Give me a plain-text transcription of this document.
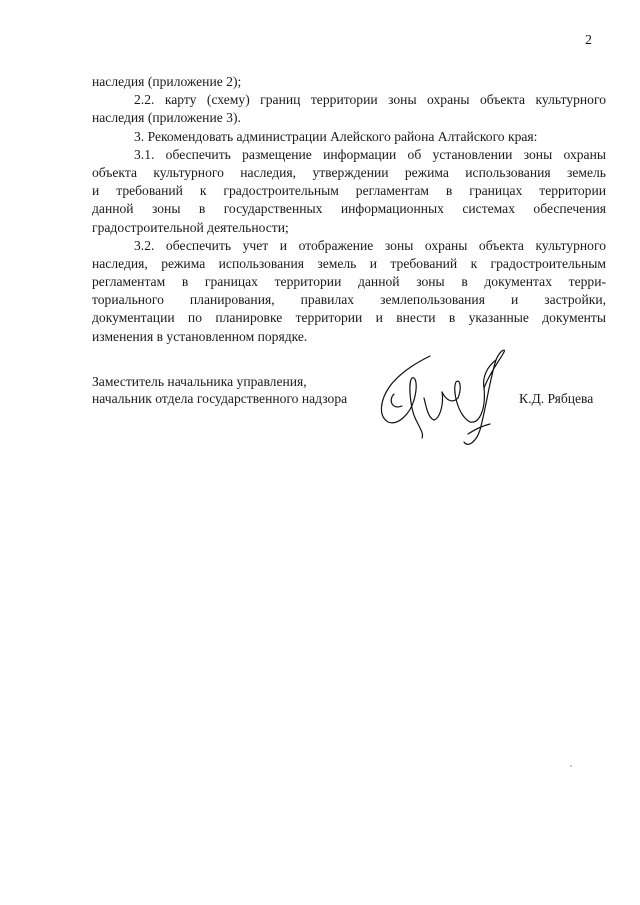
2
наследия (приложение 2);
2.2. карту (схему) границ территории зоны охраны объекта культурного
наследия (приложение 3).
3. Рекомендовать администрации Алейского района Алтайского края:
3.1. обеспечить размещение информации об установлении зоны охраны
объекта культурного наследия, утверждении режима использования земель
и требований к градостроительным регламентам в границах территории
данной зоны в государственных информационных системах обеспечения
градостроительной деятельности;
3.2. обеспечить учет и отображение зоны охраны объекта культурного
наследия, режима использования земель и требований к градостроительным
регламентам в границах территории данной зоны в документах терри-
ториального планирования, правилах землепользования и застройки,
документации по планировке территории и внести в указанные документы
изменения в установленном порядке.
Заместитель начальника управления,
начальник отдела государственного надзора	К.Д. Рябцева
